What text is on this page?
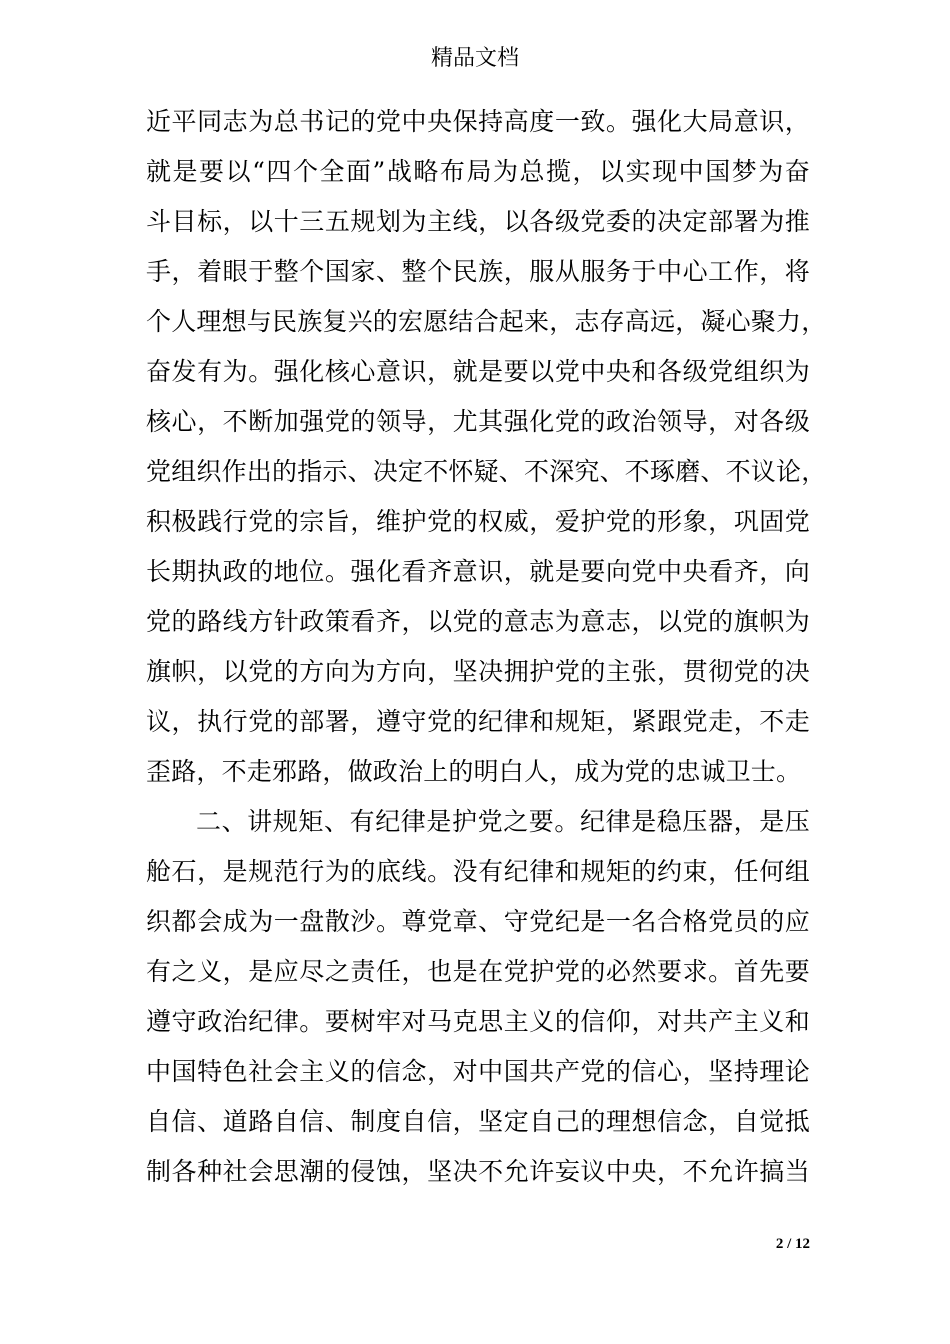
精品文档
近平同志为总书记的党中央保持高度一致。强化大局意识，
就是要以“四个全面”战略布局为总揽，以实现中国梦为奋
斗目标，以十三五规划为主线，以各级党委的决定部署为推
手，着眼于整个国家、整个民族，服从服务于中心工作，将
个人理想与民族复兴的宏愿结合起来，志存高远，凝心聚力，
奋发有为。强化核心意识，就是要以党中央和各级党组织为
核心，不断加强党的领导，尤其强化党的政治领导，对各级
党组织作出的指示、决定不怀疑、不深究、不琢磨、不议论，
积极践行党的宗旨，维护党的权威，爱护党的形象，巩固党
长期执政的地位。强化看齐意识，就是要向党中央看齐，向
党的路线方针政策看齐，以党的意志为意志，以党的旗帜为
旗帜，以党的方向为方向，坚决拥护党的主张，贯彻党的决
议，执行党的部署，遵守党的纪律和规矩，紧跟党走，不走
歪路，不走邪路，做政治上的明白人，成为党的忠诚卫士。
二、讲规矩、有纪律是护党之要。纪律是稳压器，是压
舱石，是规范行为的底线。没有纪律和规矩的约束，任何组
织都会成为一盘散沙。尊党章、守党纪是一名合格党员的应
有之义，是应尽之责任，也是在党护党的必然要求。首先要
遵守政治纪律。要树牢对马克思主义的信仰，对共产主义和
中国特色社会主义的信念，对中国共产党的信心，坚持理论
自信、道路自信、制度自信，坚定自己的理想信念，自觉抵
制各种社会思潮的侵蚀，坚决不允许妄议中央，不允许搞当
2 / 12
